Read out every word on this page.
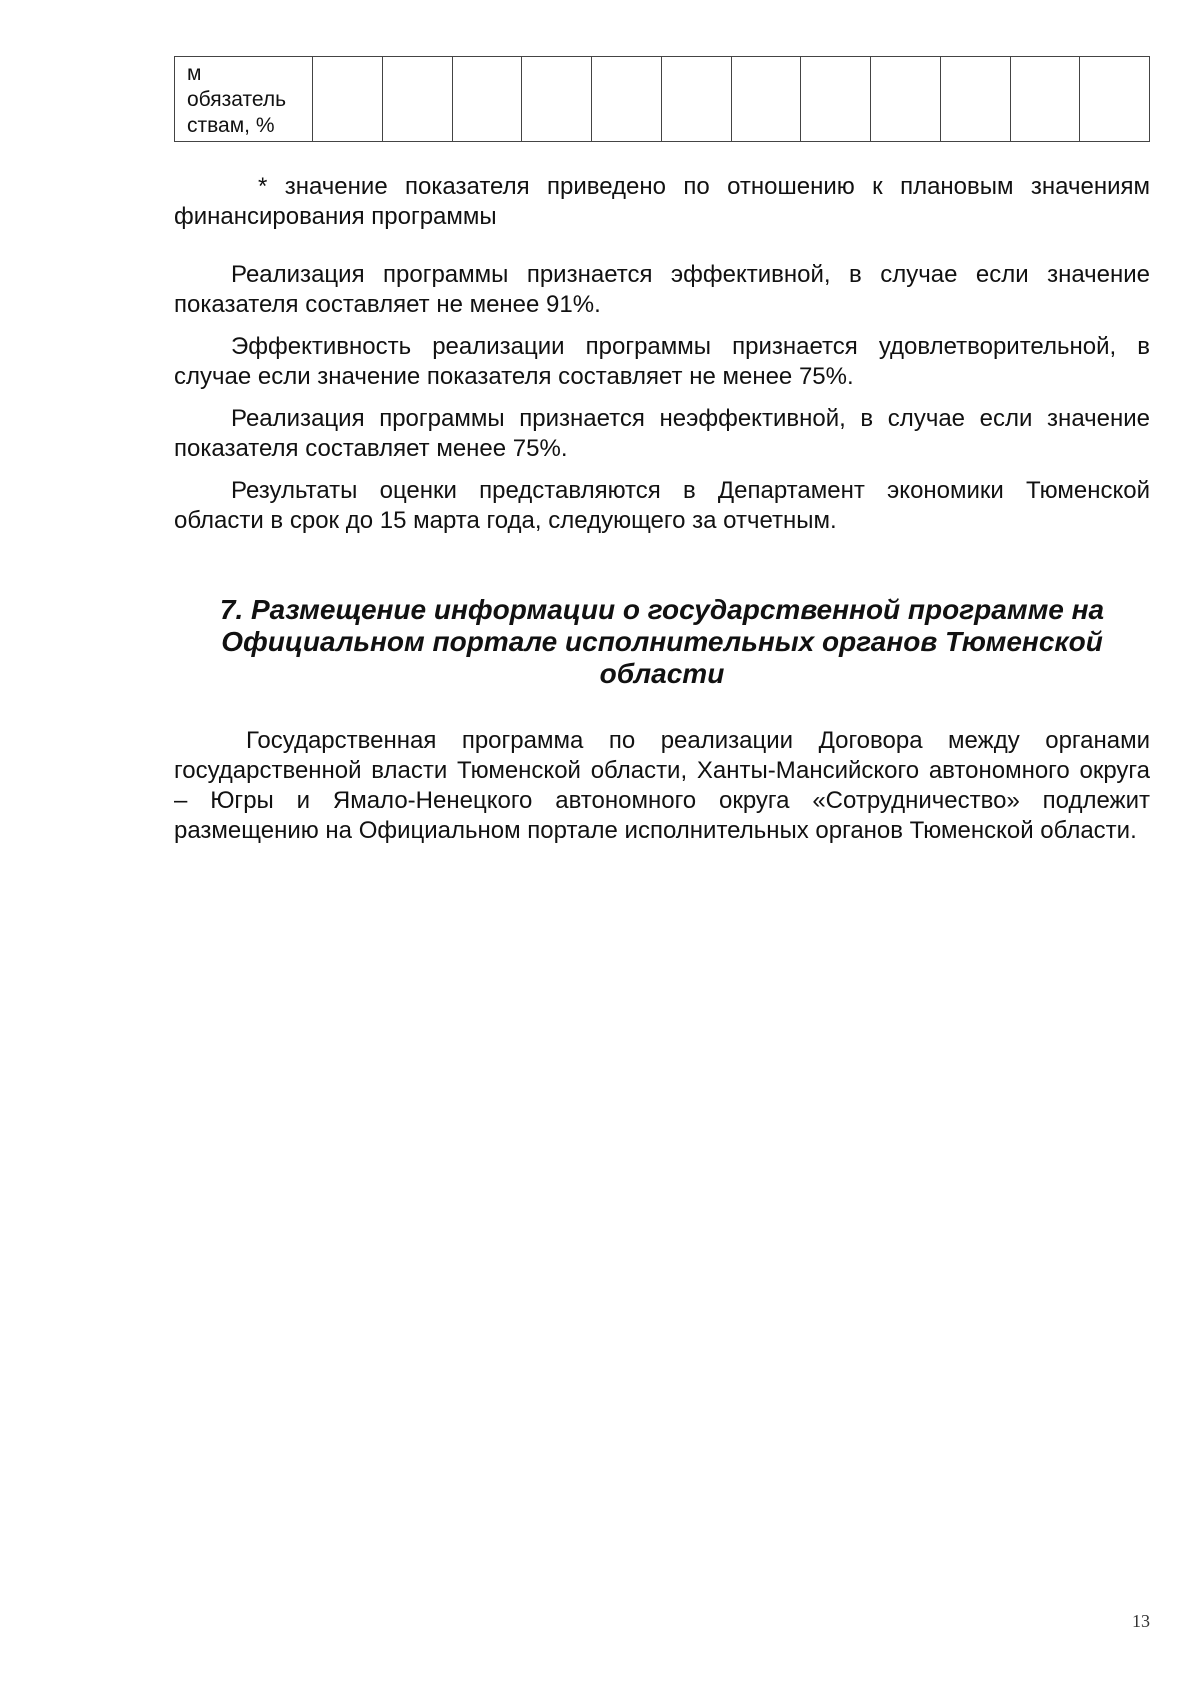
м
обязатель
ствам, %												

* значение показателя приведено по отношению к плановым значениям финансирования программы

Реализация программы признается эффективной, в случае если значение показателя составляет не менее 91%.

Эффективность реализации программы признается удовлетворительной, в случае если значение показателя составляет не менее 75%.

Реализация программы признается неэффективной, в случае если значение показателя составляет менее 75%.

Результаты оценки представляются в Департамент экономики Тюменской области в срок до 15 марта года, следующего за отчетным.

7. Размещение информации о государственной программе на Официальном портале исполнительных органов Тюменской области

Государственная программа по реализации Договора между органами государственной власти Тюменской области, Ханты-Мансийского автономного округа – Югры и Ямало-Ненецкого автономного округа «Сотрудничество» подлежит размещению на Официальном портале исполнительных органов Тюменской области.

13
